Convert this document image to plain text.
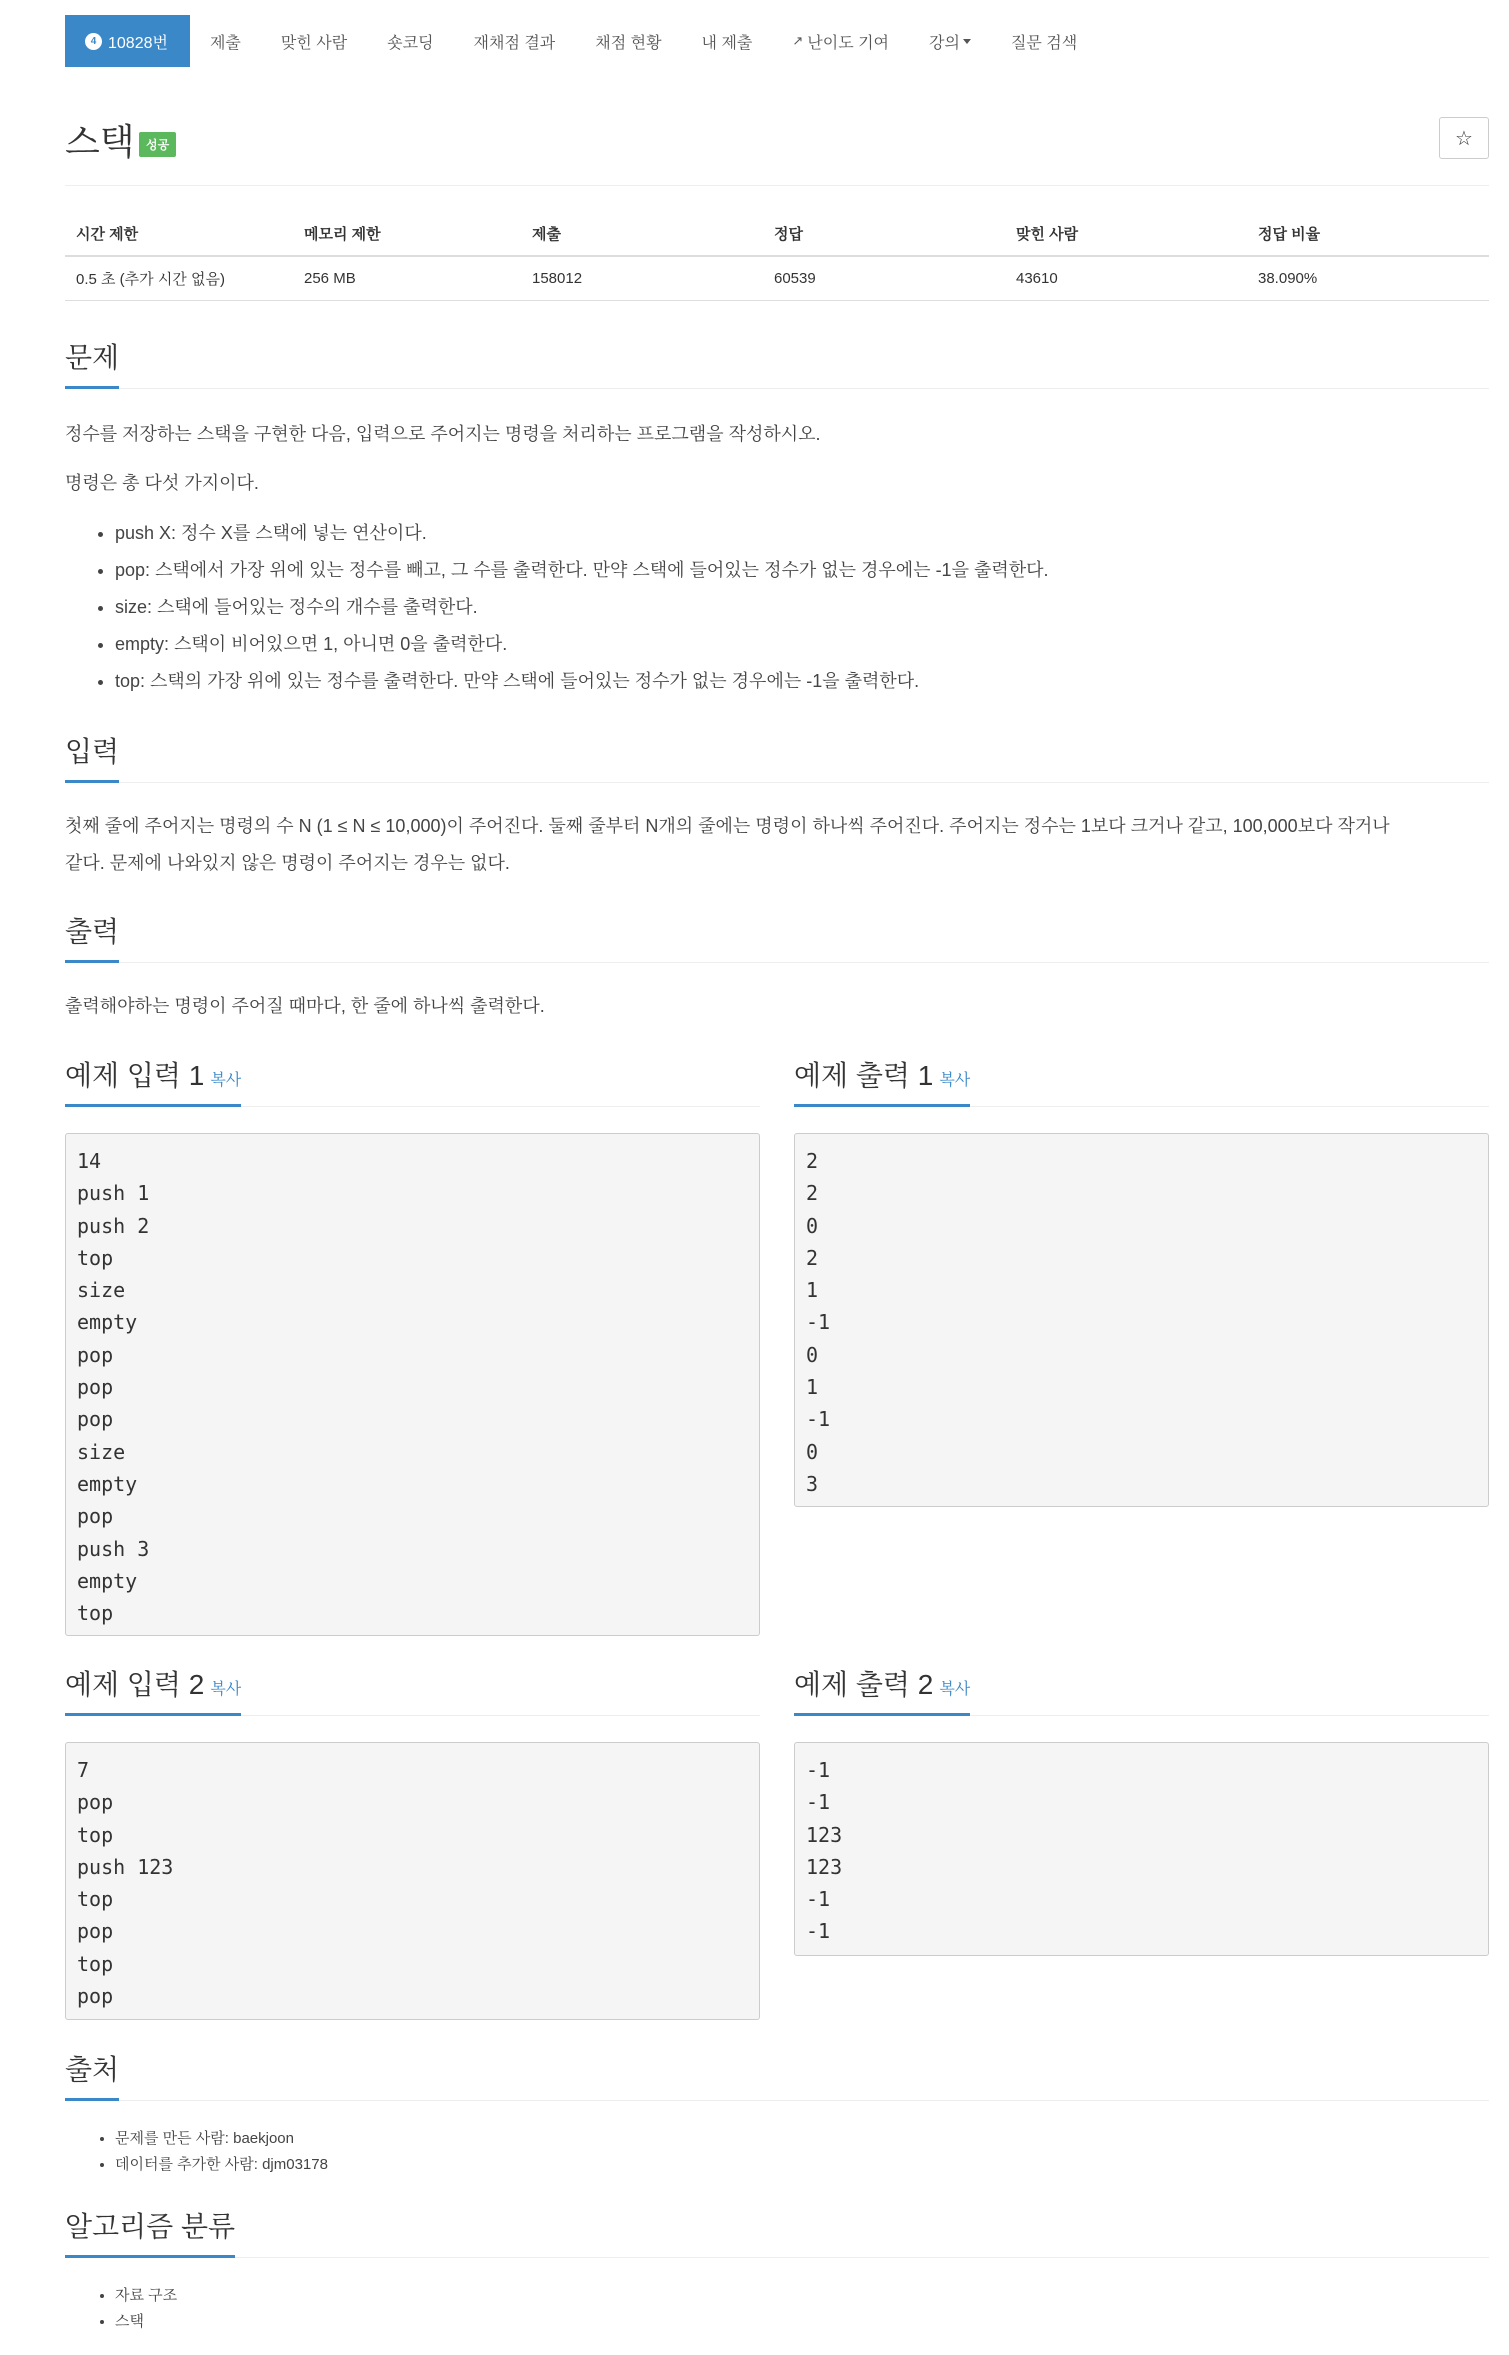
4 10828번	제출	맞힌 사람	숏코딩	재채점 결과	채점 현황	내 제출	↗ 난이도 기여	강의	질문 검색
스택 성공	☆
시간 제한	메모리 제한	제출	정답	맞힌 사람	정답 비율
0.5 초 (추가 시간 없음)	256 MB	158012	60539	43610	38.090%
문제
정수를 저장하는 스택을 구현한 다음, 입력으로 주어지는 명령을 처리하는 프로그램을 작성하시오.
명령은 총 다섯 가지이다.
• push X: 정수 X를 스택에 넣는 연산이다.
• pop: 스택에서 가장 위에 있는 정수를 빼고, 그 수를 출력한다. 만약 스택에 들어있는 정수가 없는 경우에는 -1을 출력한다.
• size: 스택에 들어있는 정수의 개수를 출력한다.
• empty: 스택이 비어있으면 1, 아니면 0을 출력한다.
• top: 스택의 가장 위에 있는 정수를 출력한다. 만약 스택에 들어있는 정수가 없는 경우에는 -1을 출력한다.
입력
첫째 줄에 주어지는 명령의 수 N (1 ≤ N ≤ 10,000)이 주어진다. 둘째 줄부터 N개의 줄에는 명령이 하나씩 주어진다. 주어지는 정수는 1보다 크거나 같고, 100,000보다 작거나
같다. 문제에 나와있지 않은 명령이 주어지는 경우는 없다.
출력
출력해야하는 명령이 주어질 때마다, 한 줄에 하나씩 출력한다.
예제 입력 1 복사	예제 출력 1 복사
14
push 1
push 2
top
size
empty
pop
pop
pop
size
empty
pop
push 3
empty
top
2
2
0
2
1
-1
0
1
-1
0
3
예제 입력 2 복사	예제 출력 2 복사
7
pop
top
push 123
top
pop
top
pop
-1
-1
123
123
-1
-1
출처
• 문제를 만든 사람: baekjoon
• 데이터를 추가한 사람: djm03178
알고리즘 분류
• 자료 구조
• 스택
